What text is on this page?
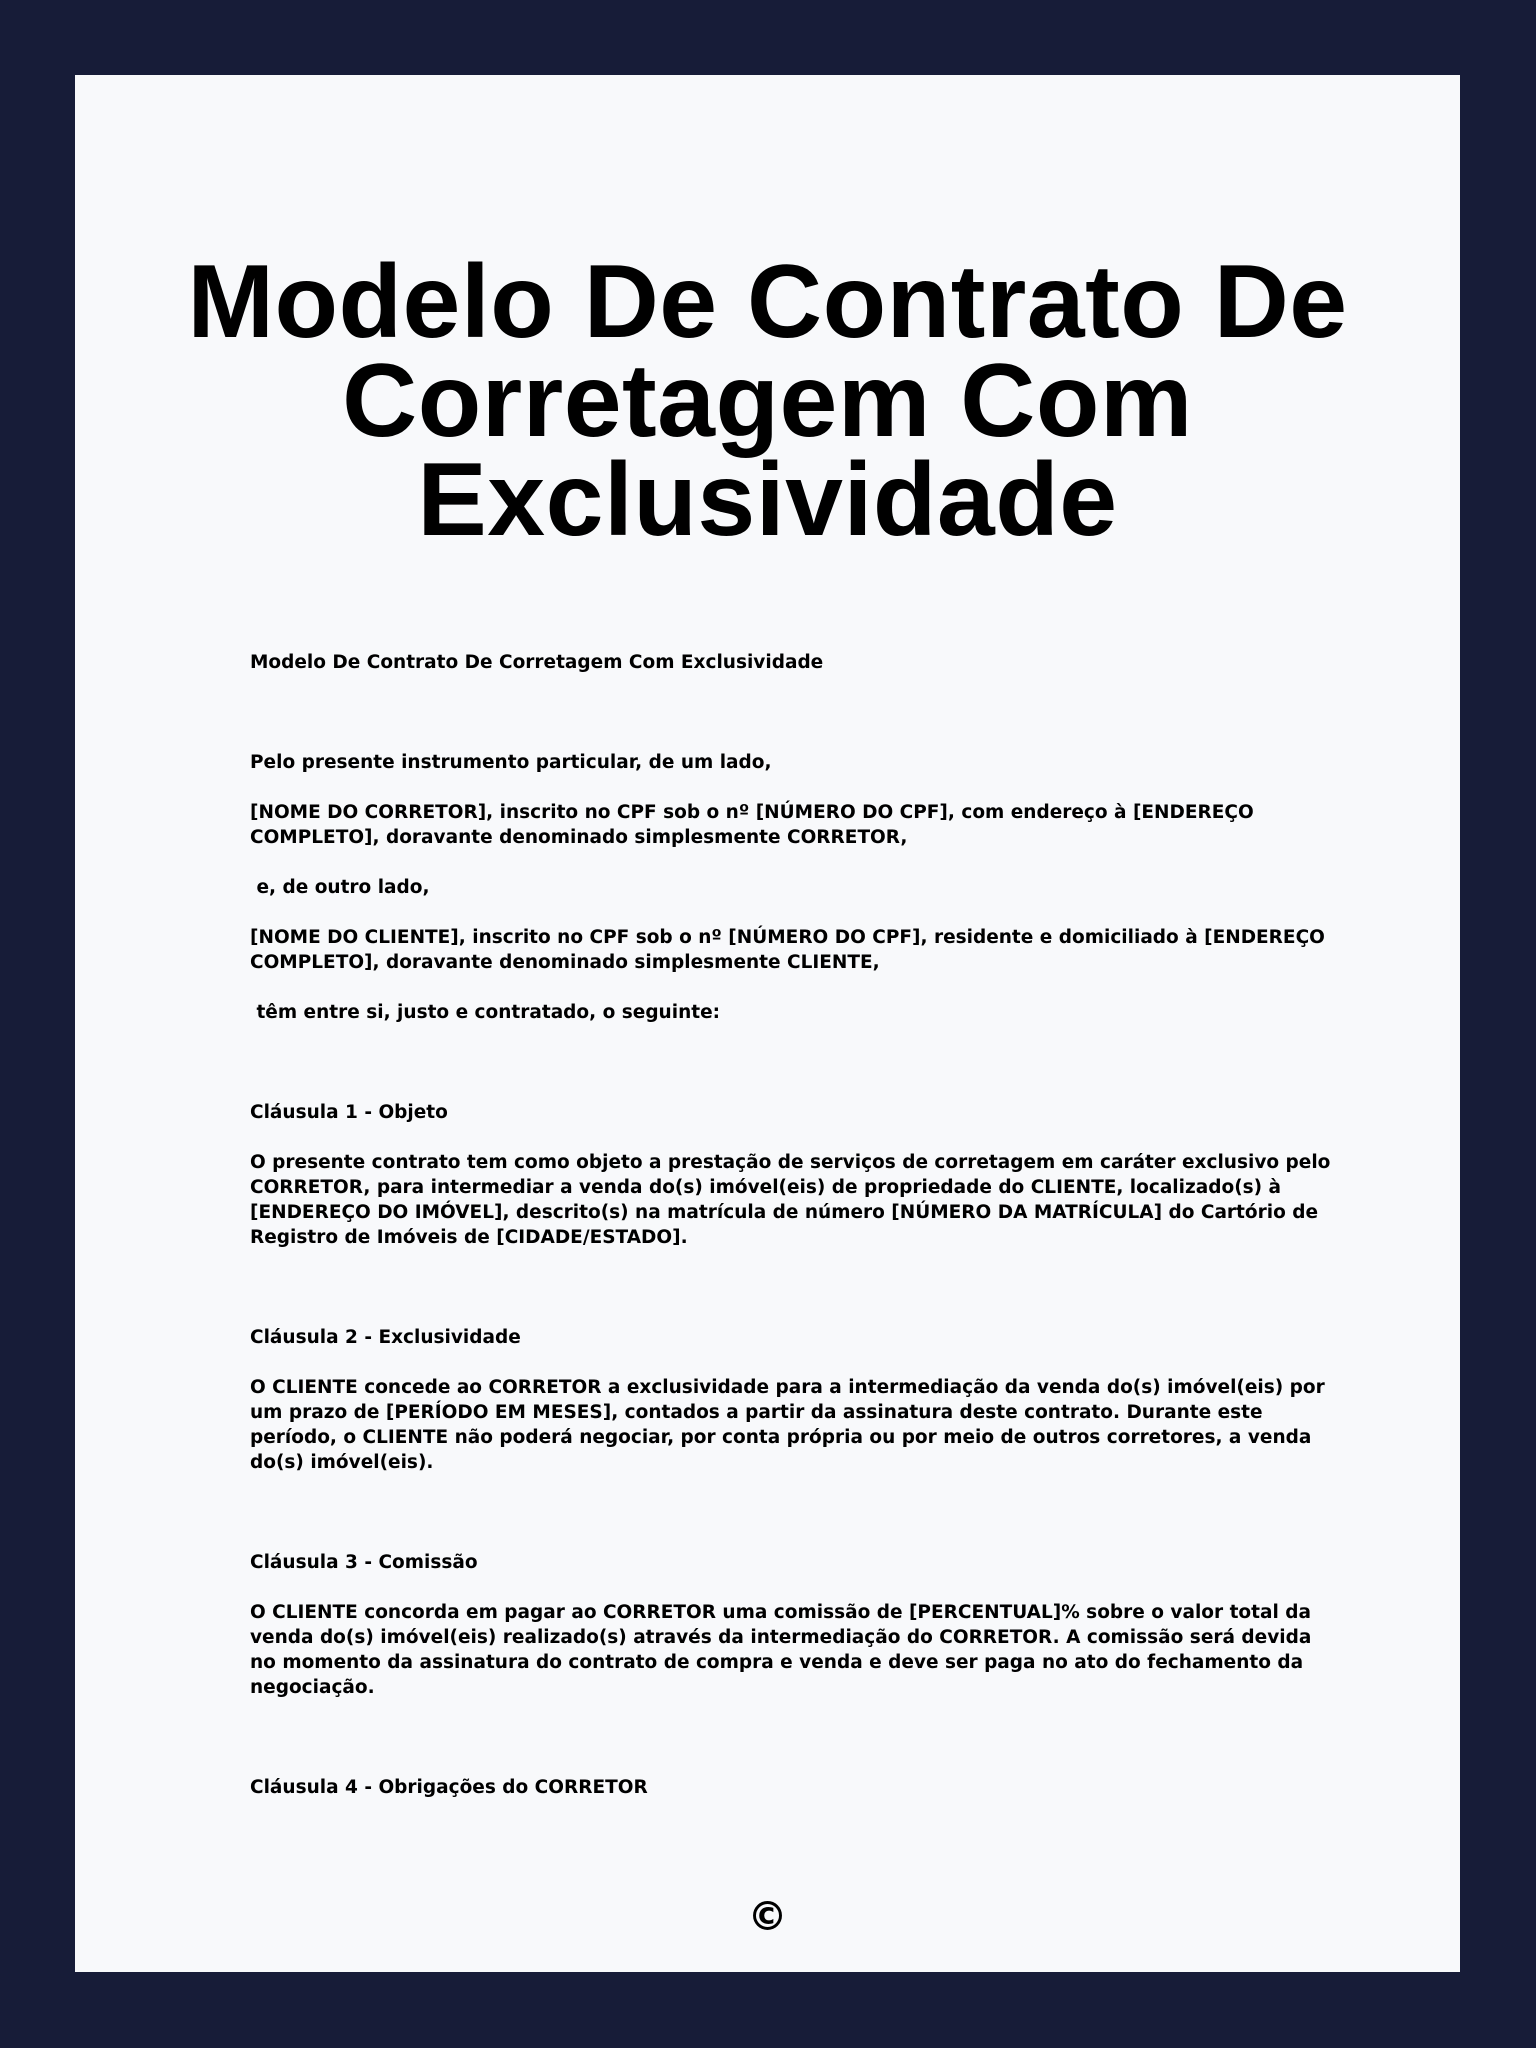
Modelo De Contrato De Corretagem Com Exclusividade

Modelo De Contrato De Corretagem Com Exclusividade

Pelo presente instrumento particular, de um lado,

[NOME DO CORRETOR], inscrito no CPF sob o nº [NÚMERO DO CPF], com endereço à [ENDEREÇO COMPLETO], doravante denominado simplesmente CORRETOR,

e, de outro lado,

[NOME DO CLIENTE], inscrito no CPF sob o nº [NÚMERO DO CPF], residente e domiciliado à [ENDEREÇO COMPLETO], doravante denominado simplesmente CLIENTE,

têm entre si, justo e contratado, o seguinte:

Cláusula 1 - Objeto

O presente contrato tem como objeto a prestação de serviços de corretagem em caráter exclusivo pelo CORRETOR, para intermediar a venda do(s) imóvel(eis) de propriedade do CLIENTE, localizado(s) à [ENDEREÇO DO IMÓVEL], descrito(s) na matrícula de número [NÚMERO DA MATRÍCULA] do Cartório de Registro de Imóveis de [CIDADE/ESTADO].

Cláusula 2 - Exclusividade

O CLIENTE concede ao CORRETOR a exclusividade para a intermediação da venda do(s) imóvel(eis) por um prazo de [PERÍODO EM MESES], contados a partir da assinatura deste contrato. Durante este período, o CLIENTE não poderá negociar, por conta própria ou por meio de outros corretores, a venda do(s) imóvel(eis).

Cláusula 3 - Comissão

O CLIENTE concorda em pagar ao CORRETOR uma comissão de [PERCENTUAL]% sobre o valor total da venda do(s) imóvel(eis) realizado(s) através da intermediação do CORRETOR. A comissão será devida no momento da assinatura do contrato de compra e venda e deve ser paga no ato do fechamento da negociação.

Cláusula 4 - Obrigações do CORRETOR

©
